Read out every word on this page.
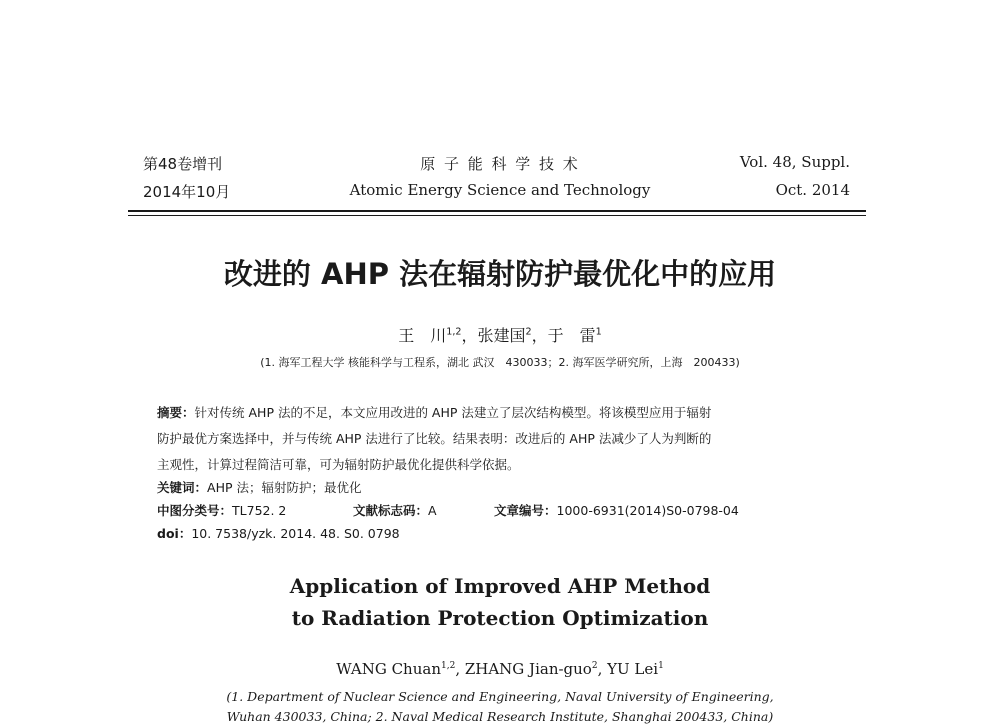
第48卷增刊
2014年10月
原 子 能 科 学 技 术
Atomic Energy Science and Technology
Vol. 48, Suppl.
Oct. 2014
改进的 AHP 法在辐射防护最优化中的应用
王　川$^{1,2}$，张建国$^2$，于　雷$^1$
(1. 海军工程大学 核能科学与工程系，湖北 武汉　430033；2. 海军医学研究所，上海　200433)
摘要：针对传统 AHP 法的不足，本文应用改进的 AHP 法建立了层次结构模型。将该模型应用于辐射
防护最优方案选择中，并与传统 AHP 法进行了比较。结果表明：改进后的 AHP 法减少了人为判断的
主观性，计算过程简洁可靠，可为辐射防护最优化提供科学依据。
关键词：AHP 法；辐射防护；最优化
中图分类号：TL752. 2	文献标志码：A	文章编号：1000-6931(2014)S0-0798-04
doi：10. 7538/yzk. 2014. 48. S0. 0798
Application of Improved AHP Method
to Radiation Protection Optimization
WANG Chuan$^{1,2}$, ZHANG Jian-guo$^2$, YU Lei$^1$
(1. Department of Nuclear Science and Engineering, Naval University of Engineering,
Wuhan 430033, China; 2. Naval Medical Research Institute, Shanghai 200433, China)
